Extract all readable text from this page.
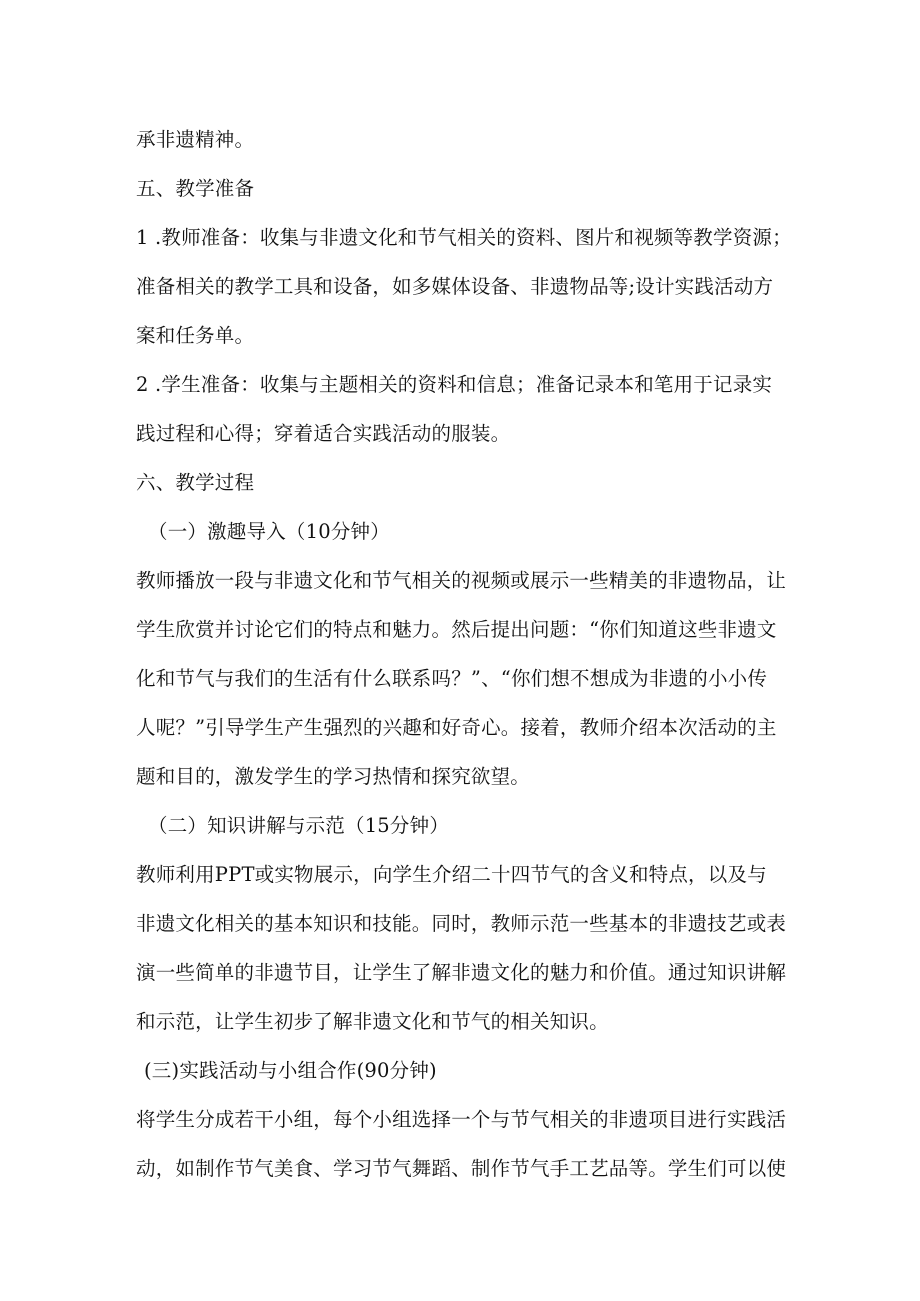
承非遗精神。
五、教学准备
1 .教师准备：收集与非遗文化和节气相关的资料、图片和视频等教学资源；
准备相关的教学工具和设备，如多媒体设备、非遗物品等;设计实践活动方
案和任务单。
2 .学生准备：收集与主题相关的资料和信息；准备记录本和笔用于记录实
践过程和心得；穿着适合实践活动的服装。
六、教学过程
（一）激趣导入（10分钟）
教师播放一段与非遗文化和节气相关的视频或展示一些精美的非遗物品，让
学生欣赏并讨论它们的特点和魅力。然后提出问题：“你们知道这些非遗文
化和节气与我们的生活有什么联系吗？”、“你们想不想成为非遗的小小传
人呢？”引导学生产生强烈的兴趣和好奇心。接着，教师介绍本次活动的主
题和目的，激发学生的学习热情和探究欲望。
（二）知识讲解与示范（15分钟）
教师利用PPT或实物展示，向学生介绍二十四节气的含义和特点，以及与
非遗文化相关的基本知识和技能。同时，教师示范一些基本的非遗技艺或表
演一些简单的非遗节目，让学生了解非遗文化的魅力和价值。通过知识讲解
和示范，让学生初步了解非遗文化和节气的相关知识。
(三)实践活动与小组合作(90分钟)
将学生分成若干小组，每个小组选择一个与节气相关的非遗项目进行实践活
动，如制作节气美食、学习节气舞蹈、制作节气手工艺品等。学生们可以使
